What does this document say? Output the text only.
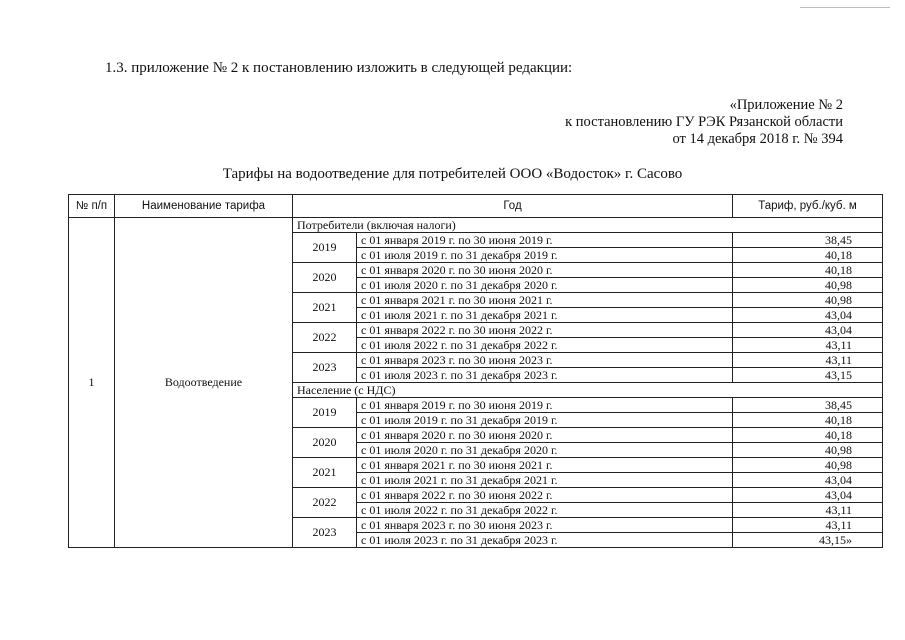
1.3. приложение № 2 к постановлению изложить в следующей редакции:
«Приложение № 2
к постановлению ГУ РЭК Рязанской области
от 14 декабря 2018 г. № 394
Тарифы на водоотведение для потребителей ООО «Водосток» г. Сасово
№ п/п	Наименование тарифа	Год		Тариф, руб./куб. м
1	Водоотведение	Потребители (включая налоги)		
		2019	с 01 января 2019 г. по 30 июня 2019 г.	38,45
			с 01 июля 2019 г. по 31 декабря 2019 г.	40,18
		2020	с 01 января 2020 г. по 30 июня 2020 г.	40,18
			с 01 июля 2020 г. по 31 декабря 2020 г.	40,98
		2021	с 01 января 2021 г. по 30 июня 2021 г.	40,98
			с 01 июля 2021 г. по 31 декабря 2021 г.	43,04
		2022	с 01 января 2022 г. по 30 июня 2022 г.	43,04
			с 01 июля 2022 г. по 31 декабря 2022 г.	43,11
		2023	с 01 января 2023 г. по 30 июня 2023 г.	43,11
			с 01 июля 2023 г. по 31 декабря 2023 г.	43,15
		Население (с НДС)		
		2019	с 01 января 2019 г. по 30 июня 2019 г.	38,45
			с 01 июля 2019 г. по 31 декабря 2019 г.	40,18
		2020	с 01 января 2020 г. по 30 июня 2020 г.	40,18
			с 01 июля 2020 г. по 31 декабря 2020 г.	40,98
		2021	с 01 января 2021 г. по 30 июня 2021 г.	40,98
			с 01 июля 2021 г. по 31 декабря 2021 г.	43,04
		2022	с 01 января 2022 г. по 30 июня 2022 г.	43,04
			с 01 июля 2022 г. по 31 декабря 2022 г.	43,11
		2023	с 01 января 2023 г. по 30 июня 2023 г.	43,11
			с 01 июля 2023 г. по 31 декабря 2023 г.	43,15»
